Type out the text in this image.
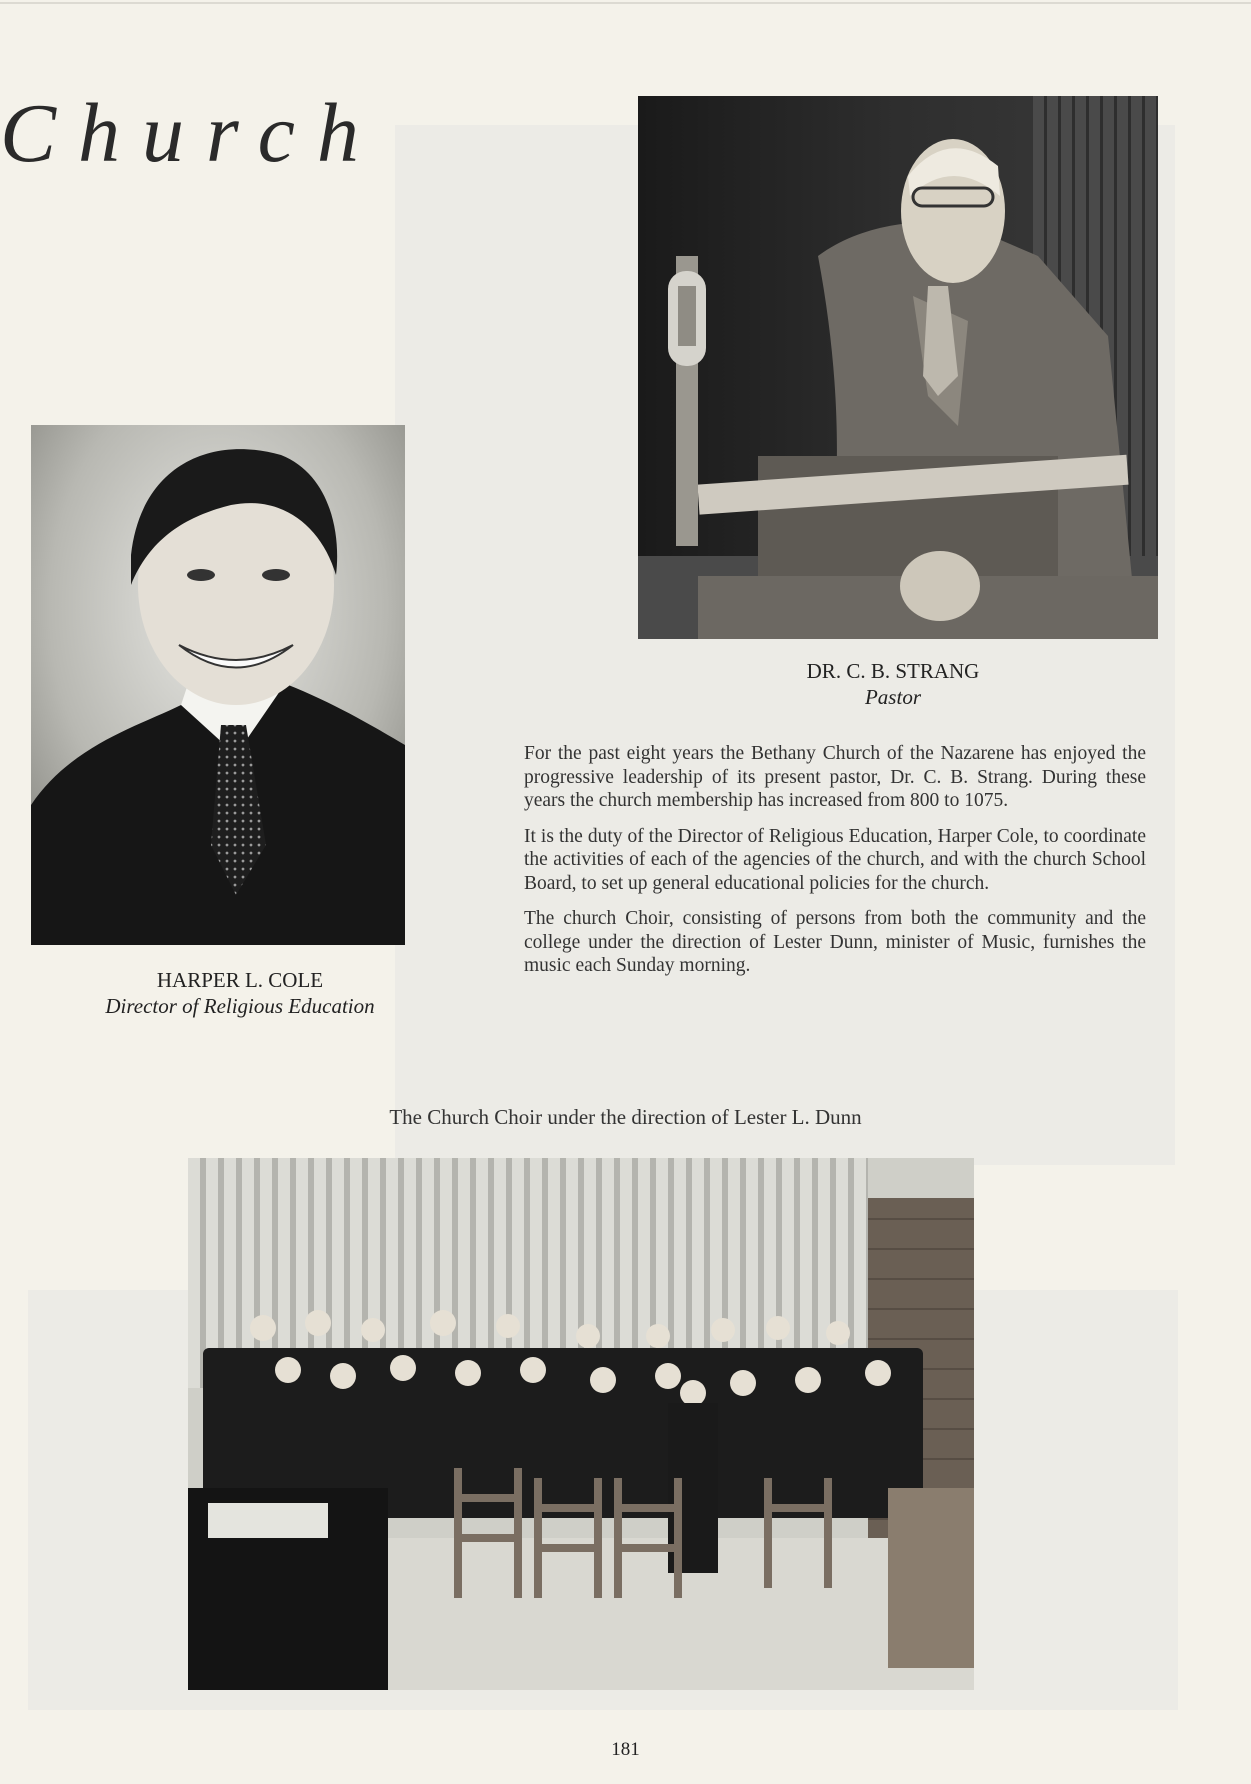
Church
DR. C. B. STRANG
Pastor
HARPER L. COLE
Director of Religious Education

For the past eight years the Bethany Church of the Nazarene has enjoyed the progressive leadership of its present pastor, Dr. C. B. Strang. During these years the church membership has increased from 800 to 1075.

It is the duty of the Director of Religious Education, Harper Cole, to coordinate the activities of each of the agencies of the church, and with the church School Board, to set up general educational policies for the church.

The church Choir, consisting of persons from both the community and the college under the direction of Lester Dunn, minister of Music, furnishes the music each Sunday morning.

The Church Choir under the direction of Lester L. Dunn
181
